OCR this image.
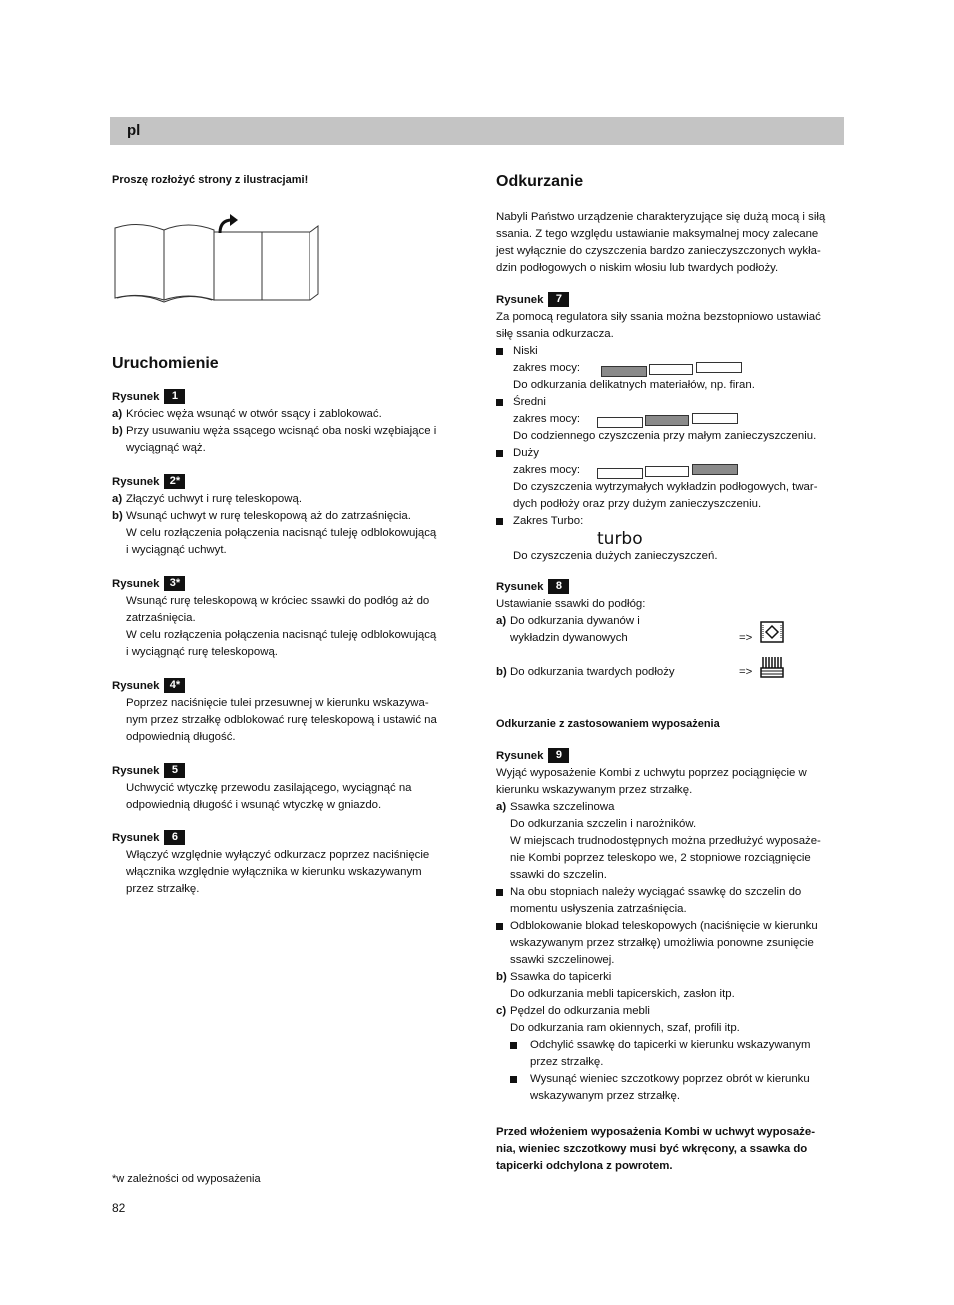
pl
Proszę rozłożyć strony z ilustracjami!
Uruchomienie
Rysunek 1
a) Króciec węża wsunąć w otwór ssący i zablokować.
b) Przy usuwaniu węża ssącego wcisnąć oba noski wzębiające i
wyciągnąć wąż.
Rysunek 2*
a) Złączyć uchwyt i rurę teleskopową.
b) Wsunąć uchwyt w rurę teleskopową aż do zatrzaśnięcia.
W celu rozłączenia połączenia nacisnąć tuleję odblokowującą
i wyciągnąć uchwyt.
Rysunek 3*
Wsunąć rurę teleskopową w króciec ssawki do podłóg aż do
zatrzaśnięcia.
W celu rozłączenia połączenia nacisnąć tuleję odblokowującą
i wyciągnąć rurę teleskopową.
Rysunek 4*
Poprzez naciśnięcie tulei przesuwnej w kierunku wskazywa-
nym przez strzałkę odblokować rurę teleskopową i ustawić na
odpowiednią długość.
Rysunek 5
Uchwycić wtyczkę przewodu zasilającego, wyciągnąć na
odpowiednią długość i wsunąć wtyczkę w gniazdo.
Rysunek 6
Włączyć względnie wyłączyć odkurzacz poprzez naciśnięcie
włącznika względnie wyłącznika w kierunku wskazywanym
przez strzałkę.
*w zależności od wyposażenia
82
Odkurzanie
Nabyli Państwo urządzenie charakteryzujące się dużą mocą i siłą
ssania. Z tego względu ustawianie maksymalnej mocy zalecane
jest wyłącznie do czyszczenia bardzo zanieczyszczonych wykła-
dzin podłogowych o niskim włosiu lub twardych podłoży.
Rysunek 7
Za pomocą regulatora siły ssania można bezstopniowo ustawiać
siłę ssania odkurzacza.
Niski
zakres mocy:
Do odkurzania delikatnych materiałów, np. firan.
Średni
zakres mocy:
Do codziennego czyszczenia przy małym zanieczyszczeniu.
Duży
zakres mocy:
Do czyszczenia wytrzymałych wykładzin podłogowych, twar-
dych podłoży oraz przy dużym zanieczyszczeniu.
Zakres Turbo:
turbo
Do czyszczenia dużych zanieczyszczeń.
Rysunek 8
Ustawianie ssawki do podłóg:
a) Do odkurzania dywanów i
wykładzin dywanowych	=>
b) Do odkurzania twardych podłoży	=>
Odkurzanie z zastosowaniem wyposażenia
Rysunek 9
Wyjąć wyposażenie Kombi z uchwytu poprzez pociągnięcie w
kierunku wskazywanym przez strzałkę.
a) Ssawka szczelinowa
Do odkurzania szczelin i narożników.
W miejscach trudnodostępnych można przedłużyć wyposaże-
nie Kombi poprzez teleskopo we, 2 stopniowe rozciągnięcie
ssawki do szczelin.
Na obu stopniach należy wyciągać ssawkę do szczelin do
momentu usłyszenia zatrzaśnięcia.
Odblokowanie blokad teleskopowych (naciśnięcie w kierunku
wskazywanym przez strzałkę) umożliwia ponowne zsunięcie
ssawki szczelinowej.
b) Ssawka do tapicerki
Do odkurzania mebli tapicerskich, zasłon itp.
c) Pędzel do odkurzania mebli
Do odkurzania ram okiennych, szaf, profili itp.
Odchylić ssawkę do tapicerki w kierunku wskazywanym
przez strzałkę.
Wysunąć wieniec szczotkowy poprzez obrót w kierunku
wskazywanym przez strzałkę.
Przed włożeniem wyposażenia Kombi w uchwyt wyposaże-
nia, wieniec szczotkowy musi być wkręcony, a ssawka do
tapicerki odchylona z powrotem.
